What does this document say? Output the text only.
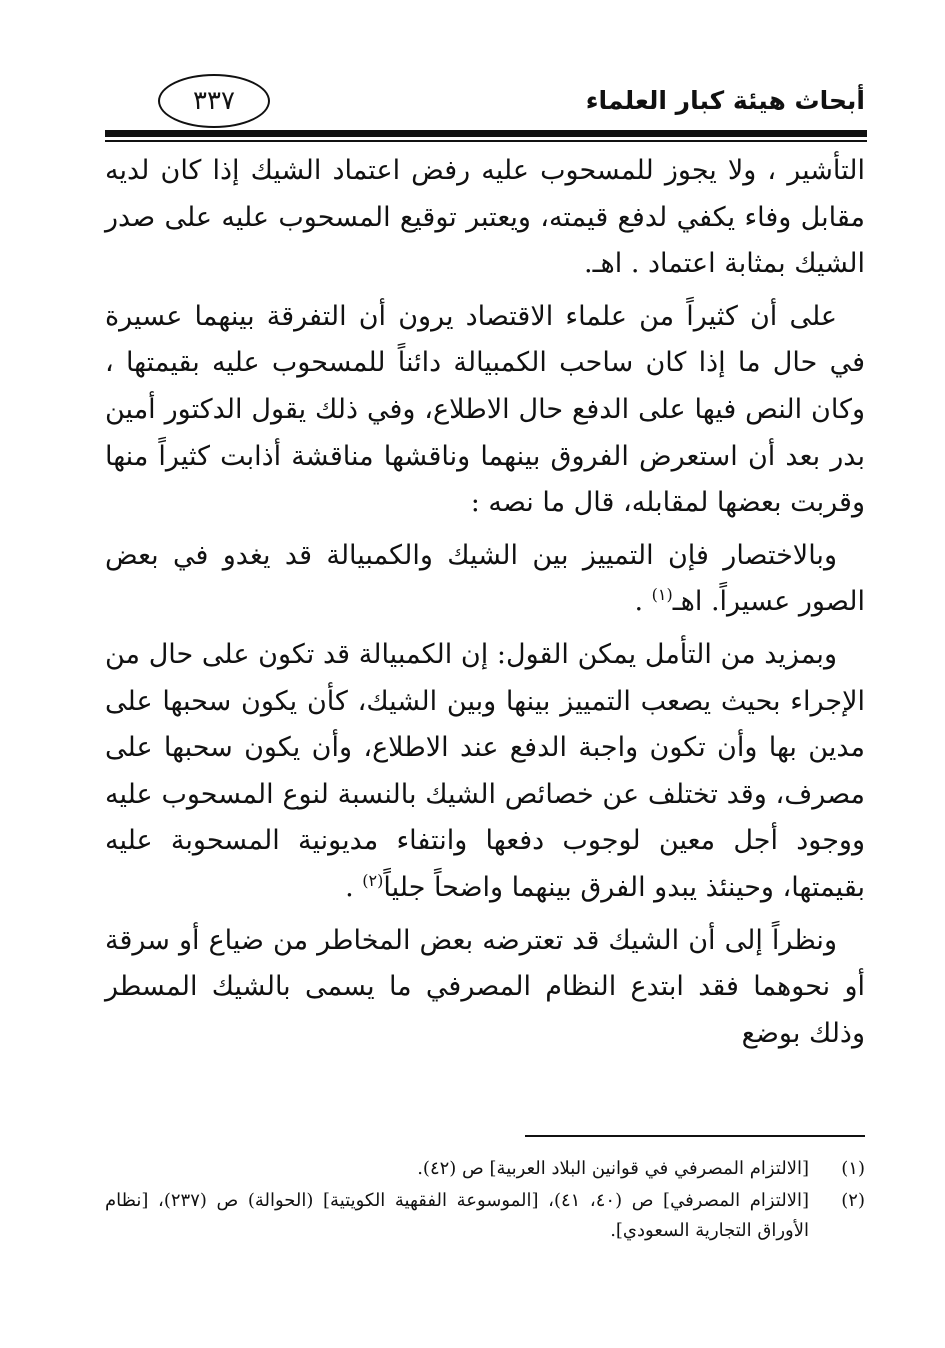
أبحاث هيئة كبار العلماء
٣٣٧

التأشير ، ولا يجوز للمسحوب عليه رفض اعتماد الشيك إذا كان لديه مقابل وفاء يكفي لدفع قيمته، ويعتبر توقيع المسحوب عليه على صدر الشيك بمثابة اعتماد . اهـ.

على أن كثيراً من علماء الاقتصاد يرون أن التفرقة بينهما عسيرة في حال ما إذا كان ساحب الكمبيالة دائناً للمسحوب عليه بقيمتها ، وكان النص فيها على الدفع حال الاطلاع، وفي ذلك يقول الدكتور أمين بدر بعد أن استعرض الفروق بينهما وناقشها مناقشة أذابت كثيراً منها وقربت بعضها لمقابله، قال ما نصه :

وبالاختصار فإن التمييز بين الشيك والكمبيالة قد يغدو في بعض الصور عسيراً. اهـ$^{(١)}$ .

وبمزيد من التأمل يمكن القول: إن الكمبيالة قد تكون على حال من الإجراء بحيث يصعب التمييز بينها وبين الشيك، كأن يكون سحبها على مدين بها وأن تكون واجبة الدفع عند الاطلاع، وأن يكون سحبها على مصرف، وقد تختلف عن خصائص الشيك بالنسبة لنوع المسحوب عليه ووجود أجل معين لوجوب دفعها وانتفاء مديونية المسحوبة عليه بقيمتها، وحينئذ يبدو الفرق بينهما واضحاً جلياً$^{(٢)}$ .

ونظراً إلى أن الشيك قد تعترضه بعض المخاطر من ضياع أو سرقة أو نحوهما فقد ابتدع النظام المصرفي ما يسمى بالشيك المسطر وذلك بوضع

(١)
[الالتزام المصرفي في قوانين البلاد العربية] ص (٤٢).
(٢)
[الالتزام المصرفي] ص (٤٠، ٤١)، [الموسوعة الفقهية الكويتية] (الحوالة) ص (٢٣٧)، [نظام الأوراق التجارية السعودي].
